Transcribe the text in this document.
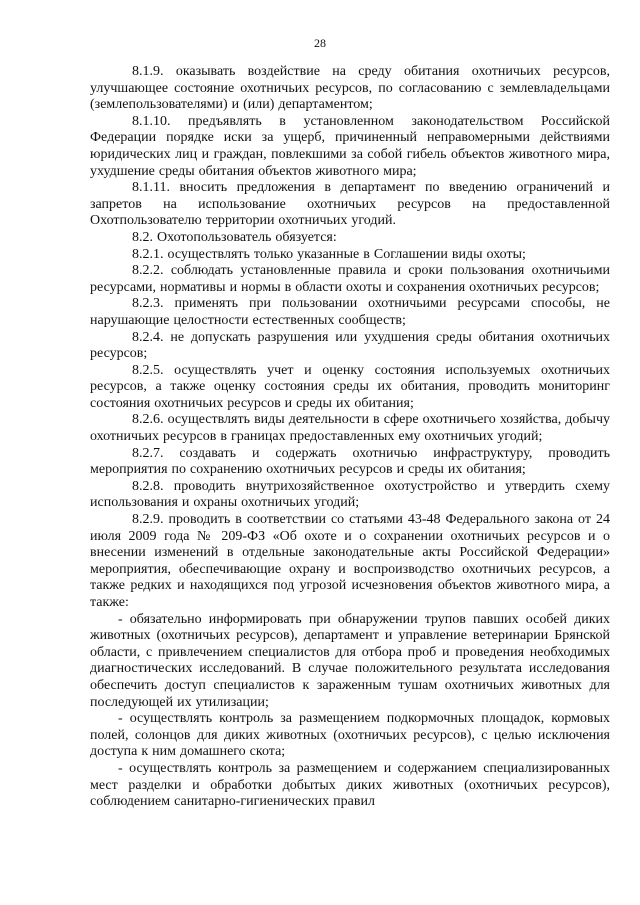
28

8.1.9. оказывать воздействие на среду обитания охотничьих ресурсов, улучшающее состояние охотничьих ресурсов, по согласованию с землевладельцами (землепользователями) и (или) департаментом;

8.1.10. предъявлять в установленном законодательством Российской Федерации порядке иски за ущерб, причиненный неправомерными действиями юридических лиц и граждан, повлекшими за собой гибель объектов животного мира, ухудшение среды обитания объектов животного мира;

8.1.11. вносить предложения в департамент по введению ограничений и запретов на использование охотничьих ресурсов на предоставленной Охотпользователю территории охотничьих угодий.

8.2. Охотопользователь обязуется:

8.2.1. осуществлять только указанные в Соглашении виды охоты;

8.2.2. соблюдать установленные правила и сроки пользования охотничьими ресурсами, нормативы и нормы в области охоты и сохранения охотничьих ресурсов;

8.2.3. применять при пользовании охотничьими ресурсами способы, не нарушающие целостности естественных сообществ;

8.2.4. не допускать разрушения или ухудшения среды обитания охотничьих ресурсов;

8.2.5. осуществлять учет и оценку состояния используемых охотничьих ресурсов, а также оценку состояния среды их обитания, проводить мониторинг состояния охотничьих ресурсов и среды их обитания;

8.2.6. осуществлять виды деятельности в сфере охотничьего хозяйства, добычу охотничьих ресурсов в границах предоставленных ему охотничьих угодий;

8.2.7. создавать и содержать охотничью инфраструктуру, проводить мероприятия по сохранению охотничьих ресурсов и среды их обитания;

8.2.8. проводить внутрихозяйственное охотустройство и утвердить схему использования и охраны охотничьих угодий;

8.2.9. проводить в соответствии со статьями 43-48 Федерального закона от 24 июля 2009 года № 209-ФЗ «Об охоте и о сохранении охотничьих ресурсов и о внесении изменений в отдельные законодательные акты Российской Федерации» мероприятия, обеспечивающие охрану и воспроизводство охотничьих ресурсов, а также редких и находящихся под угрозой исчезновения объектов животного мира, а также:

- обязательно информировать при обнаружении трупов павших особей диких животных (охотничьих ресурсов), департамент и управление ветеринарии Брянской области, с привлечением специалистов для отбора проб и проведения необходимых диагностических исследований. В случае положительного результата исследования обеспечить доступ специалистов к зараженным тушам охотничьих животных для последующей их утилизации;

- осуществлять контроль за размещением подкормочных площадок, кормовых полей, солонцов для диких животных (охотничьих ресурсов), с целью исключения доступа к ним домашнего скота;

- осуществлять контроль за размещением и содержанием специализированных мест разделки и обработки добытых диких животных (охотничьих ресурсов), соблюдением санитарно-гигиенических правил
